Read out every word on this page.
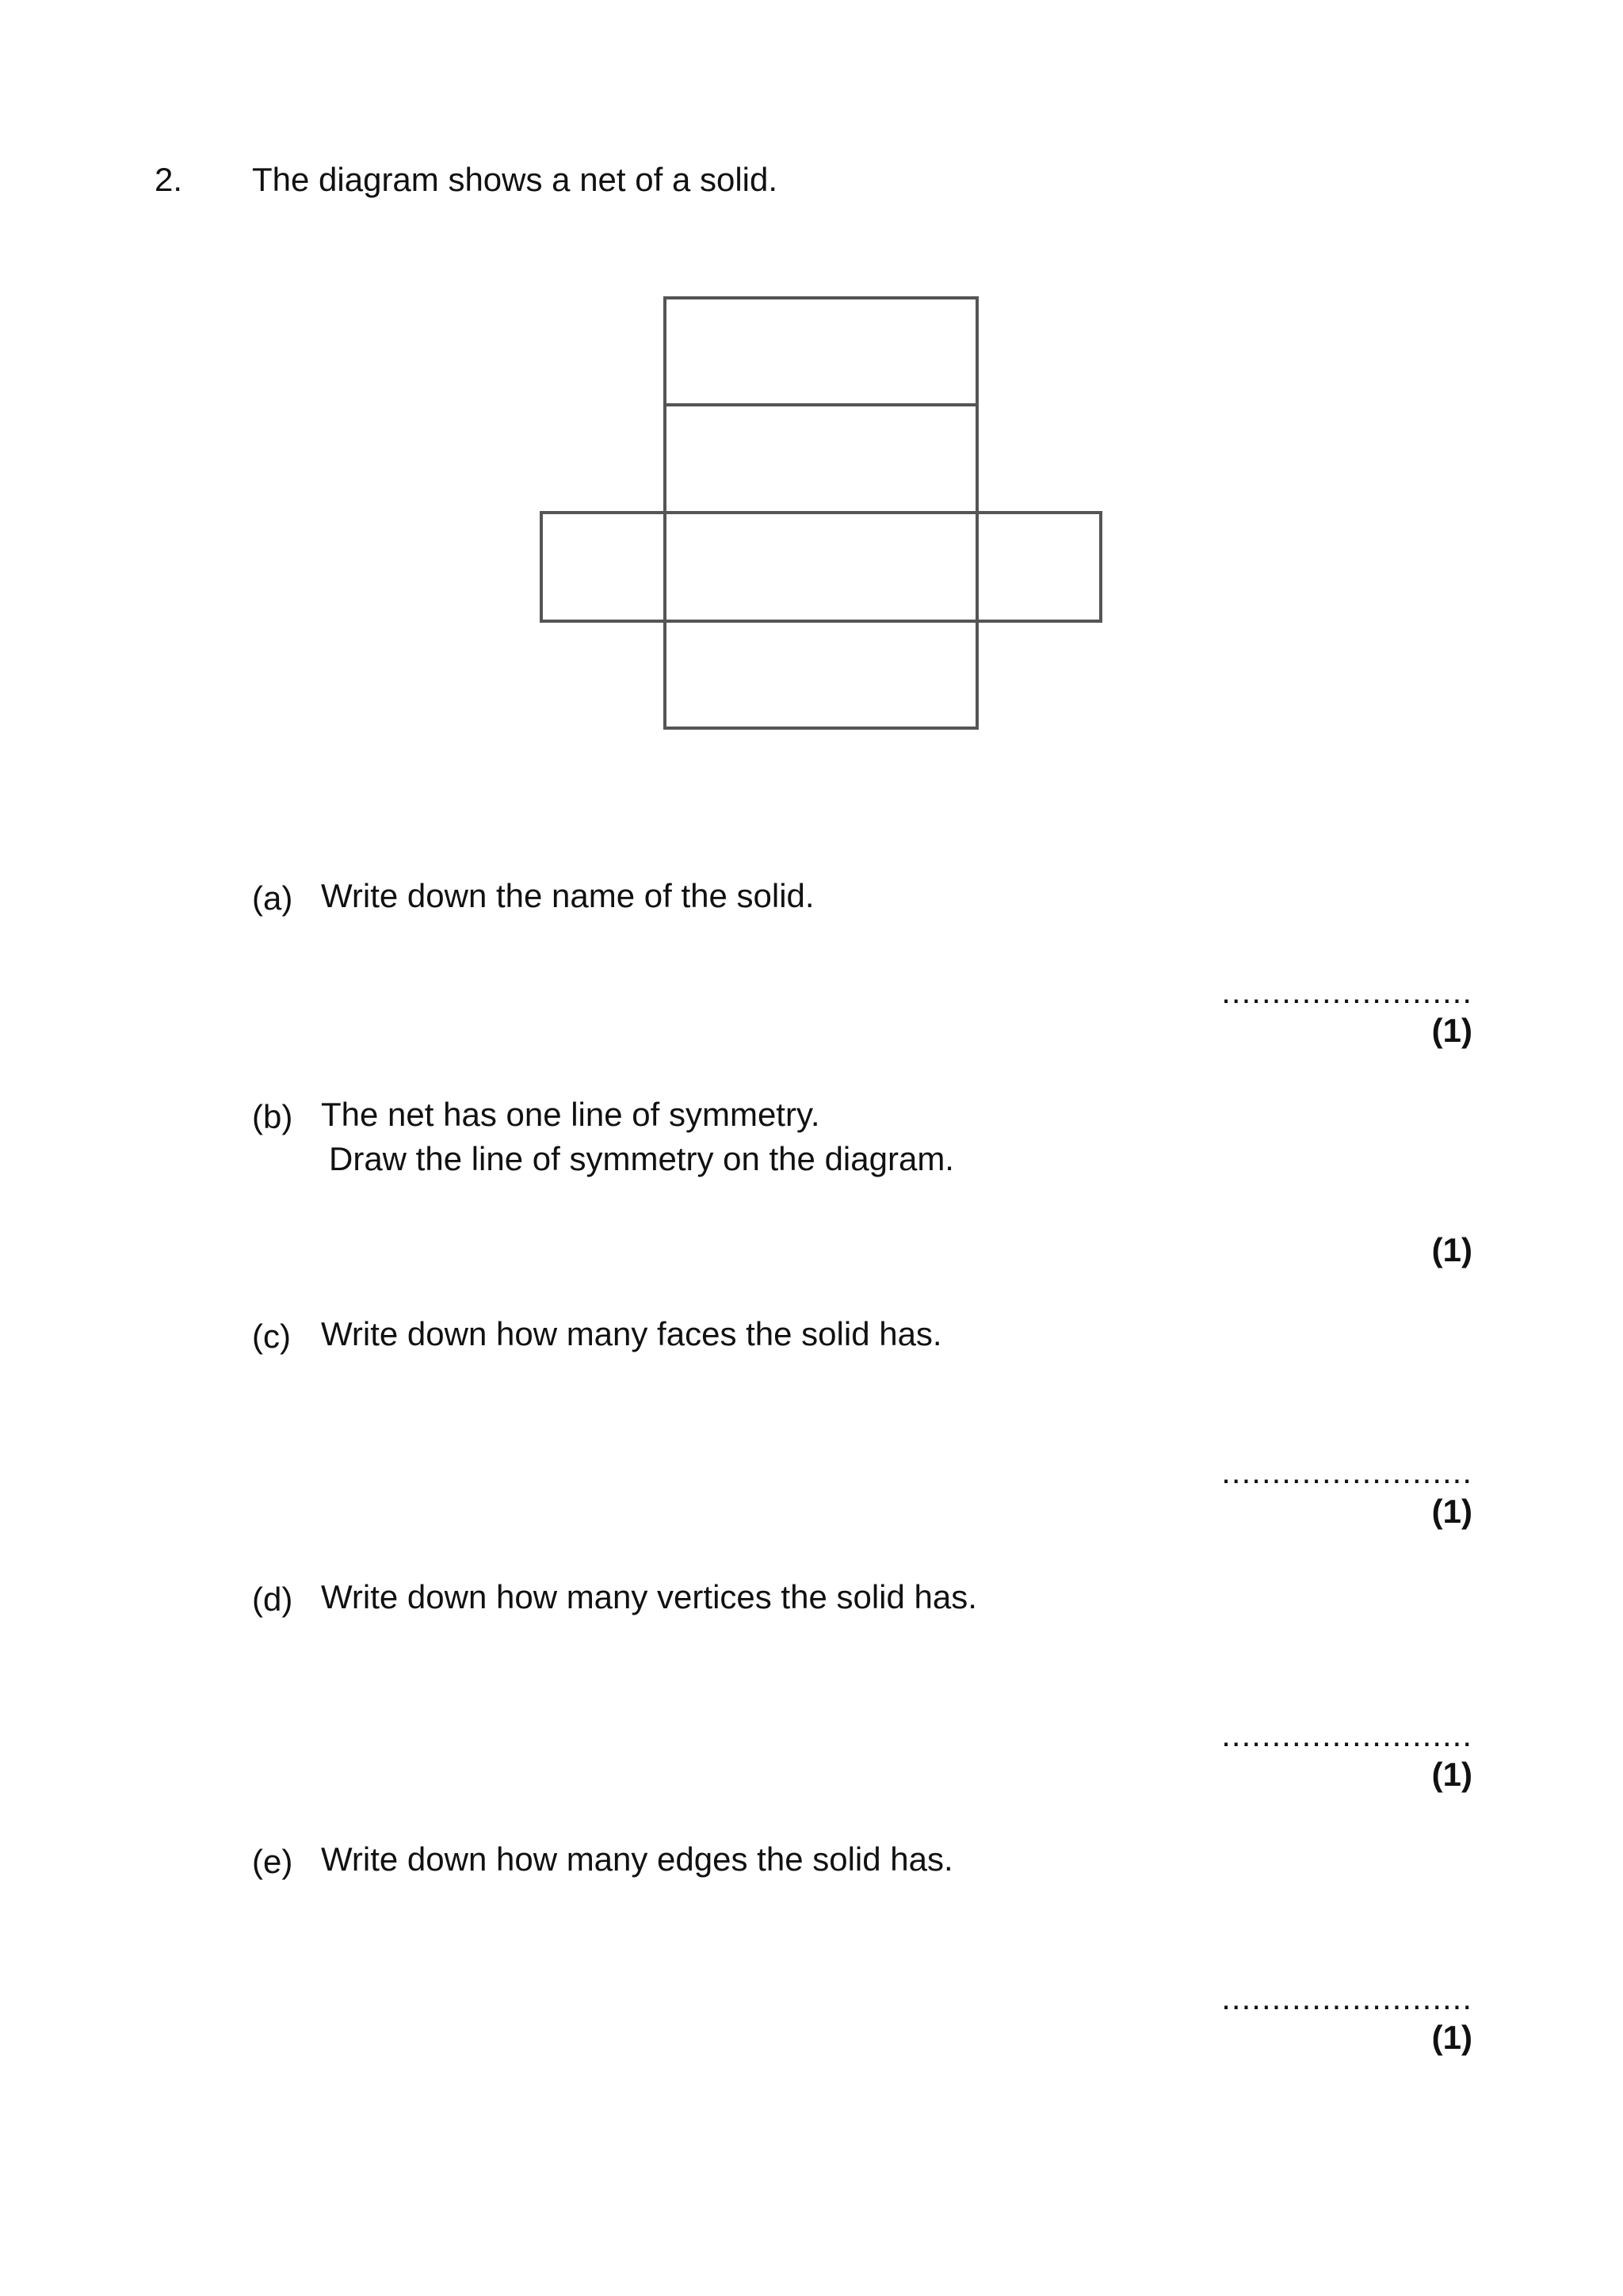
2. The diagram shows a net of a solid.
(a) Write down the name of the solid.
.........................
(1)
(b) The net has one line of symmetry.
Draw the line of symmetry on the diagram.
(1)
(c) Write down how many faces the solid has.
.........................
(1)
(d) Write down how many vertices the solid has.
.........................
(1)
(e) Write down how many edges the solid has.
.........................
(1)
